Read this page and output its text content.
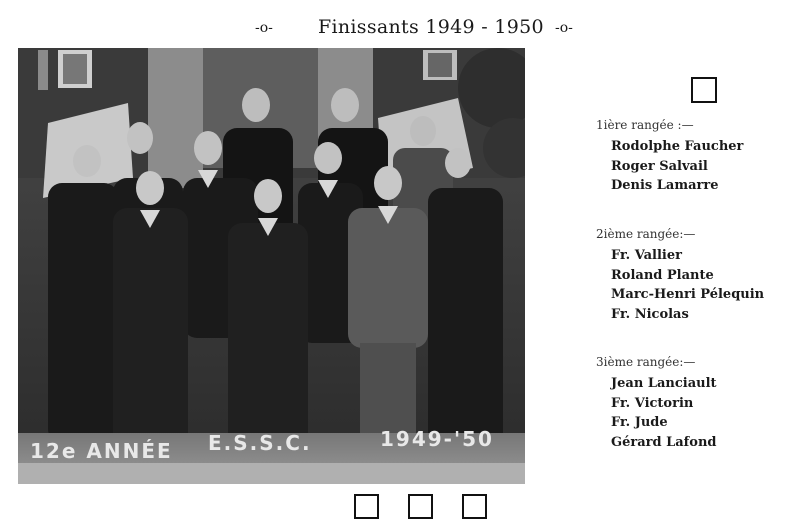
-o- Finissants 1949 - 1950 -o-
12e ANNÉE E.S.S.C.	1949-'50
1ière rangée :—
Rodolphe Faucher
Roger Salvail
Denis Lamarre
2ième rangée:—
Fr. Vallier
Roland Plante
Marc-Henri Pélequin
Fr. Nicolas
3ième rangée:—
Jean Lanciault
Fr. Victorin
Fr. Jude
Gérard Lafond
